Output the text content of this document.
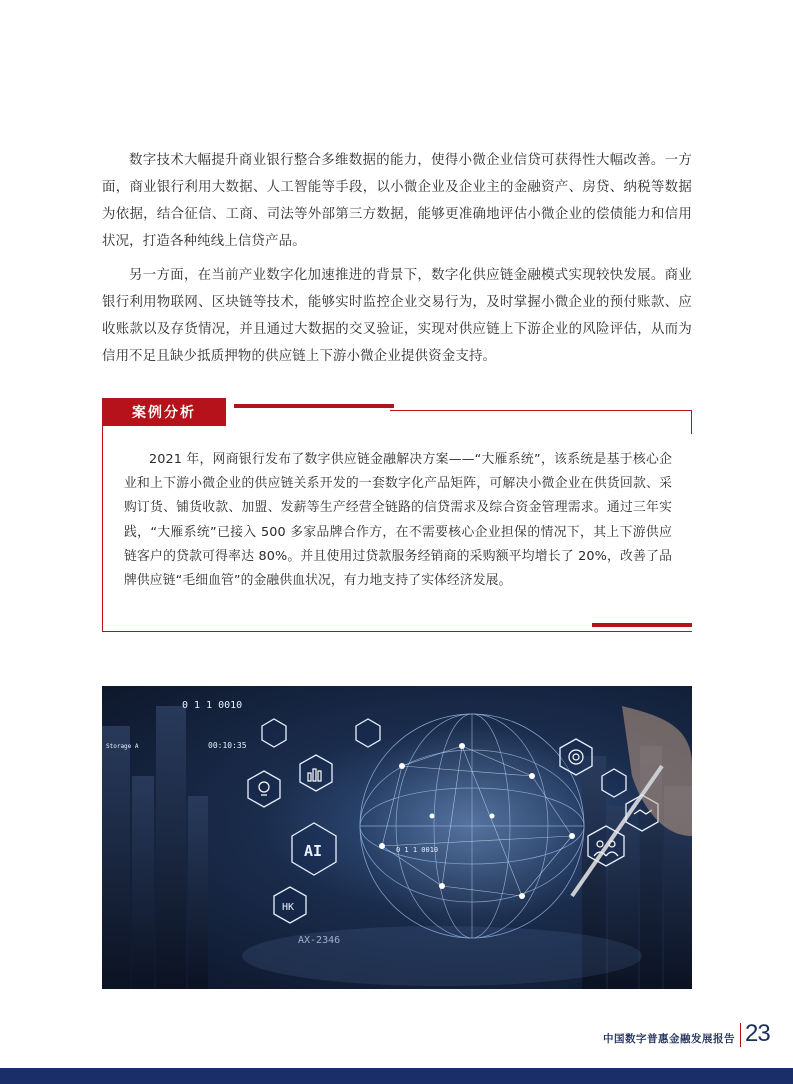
数字技术大幅提升商业银行整合多维数据的能力，使得小微企业信贷可获得性大幅改善。一方面，商业银行利用大数据、人工智能等手段，以小微企业及企业主的金融资产、房贷、纳税等数据为依据，结合征信、工商、司法等外部第三方数据，能够更准确地评估小微企业的偿债能力和信用状况，打造各种纯线上信贷产品。

另一方面，在当前产业数字化加速推进的背景下，数字化供应链金融模式实现较快发展。商业银行利用物联网、区块链等技术，能够实时监控企业交易行为，及时掌握小微企业的预付账款、应收账款以及存货情况，并且通过大数据的交叉验证，实现对供应链上下游企业的风险评估，从而为信用不足且缺少抵质押物的供应链上下游小微企业提供资金支持。

案例分析

2021 年，网商银行发布了数字供应链金融解决方案——“大雁系统”，该系统是基于核心企业和上下游小微企业的供应链关系开发的一套数字化产品矩阵，可解决小微企业在供货回款、采购订货、铺货收款、加盟、发薪等生产经营全链路的信贷需求及综合资金管理需求。通过三年实践，“大雁系统”已接入 500 多家品牌合作方，在不需要核心企业担保的情况下，其上下游供应链客户的贷款可得率达 80%。并且使用过贷款服务经销商的采购额平均增长了 20%，改善了品牌供应链“毛细血管”的金融供血状况，有力地支持了实体经济发展。

0 1 1 0010
00:10:35
AI
HK
AX-2346
0 1 1 0010
Storage A
中国数字普惠金融发展报告 23
